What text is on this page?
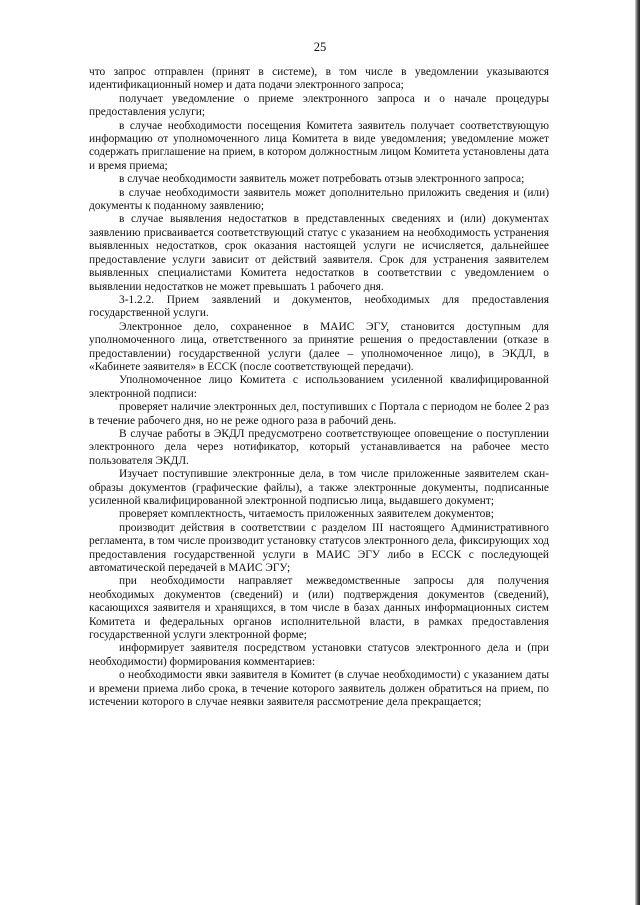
25

что запрос отправлен (принят в системе), в том числе в уведомлении указываются идентификационный номер и дата подачи электронного запроса;

получает уведомление о приеме электронного запроса и о начале процедуры предоставления услуги;

в случае необходимости посещения Комитета заявитель получает соответствующую информацию от уполномоченного лица Комитета в виде уведомления; уведомление может содержать приглашение на прием, в котором должностным лицом Комитета установлены дата и время приема;

в случае необходимости заявитель может потребовать отзыв электронного запроса;

в случае необходимости заявитель может дополнительно приложить сведения и (или) документы к поданному заявлению;

в случае выявления недостатков в представленных сведениях и (или) документах заявлению присваивается соответствующий статус с указанием на необходимость устранения выявленных недостатков, срок оказания настоящей услуги не исчисляется, дальнейшее предоставление услуги зависит от действий заявителя. Срок для устранения заявителем выявленных специалистами Комитета недостатков в соответствии с уведомлением о выявлении недостатков не может превышать 1 рабочего дня.

3-1.2.2. Прием заявлений и документов, необходимых для предоставления государственной услуги.

Электронное дело, сохраненное в МАИС ЭГУ, становится доступным для уполномоченного лица, ответственного за принятие решения о предоставлении (отказе в предоставлении) государственной услуги (далее – уполномоченное лицо), в ЭКДЛ, в «Кабинете заявителя» в ЕССК (после соответствующей передачи).

Уполномоченное лицо Комитета с использованием усиленной квалифицированной электронной подписи:

проверяет наличие электронных дел, поступивших с Портала с периодом не более 2 раз в течение рабочего дня, но не реже одного раза в рабочий день.

В случае работы в ЭКДЛ предусмотрено соответствующее оповещение о поступлении электронного дела через нотификатор, который устанавливается на рабочее место пользователя ЭКДЛ.

Изучает поступившие электронные дела, в том числе приложенные заявителем скан-образы документов (графические файлы), а также электронные документы, подписанные усиленной квалифицированной электронной подписью лица, выдавшего документ;

проверяет комплектность, читаемость приложенных заявителем документов;

производит действия в соответствии с разделом III настоящего Административного регламента, в том числе производит установку статусов электронного дела, фиксирующих ход предоставления государственной услуги в МАИС ЭГУ либо в ЕССК с последующей автоматической передачей в МАИС ЭГУ;

при необходимости направляет межведомственные запросы для получения необходимых документов (сведений) и (или) подтверждения документов (сведений), касающихся заявителя и хранящихся, в том числе в базах данных информационных систем Комитета и федеральных органов исполнительной власти, в рамках предоставления государственной услуги электронной форме;

информирует заявителя посредством установки статусов электронного дела и (при необходимости) формирования комментариев:

о необходимости явки заявителя в Комитет (в случае необходимости) с указанием даты и времени приема либо срока, в течение которого заявитель должен обратиться на прием, по истечении которого в случае неявки заявителя рассмотрение дела прекращается;
